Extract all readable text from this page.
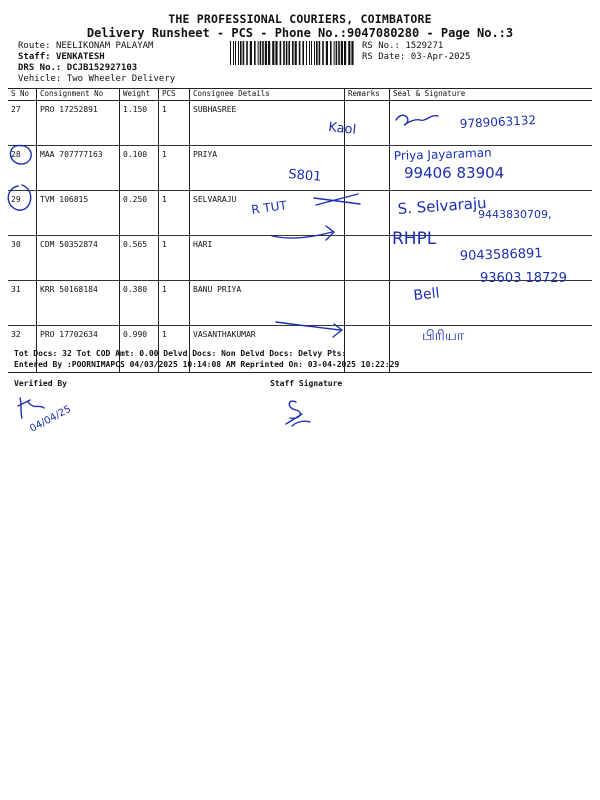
THE PROFESSIONAL COURIERS, COIMBATORE
Delivery Runsheet - PCS - Phone No.:9047080280 - Page No.:3
Route: NEELIKONAM PALAYAM
Staff: VENKATESH
DRS No.: DCJB152927103
Vehicle: Two Wheeler Delivery
RS No.: 1529271
RS Date: 03-Apr-2025
S No	Consignment No	Weight	PCS	Consignee Details	Remarks	Seal & Signature
27	PRO 17252891	1.150	1	SUBHASREE		
28	MAA 707777163	0.100	1	PRIYA		
29	TVM 106815	0.250	1	SELVARAJU		
30	CDM 50352874	0.565	1	HARI		
31	KRR 50168184	0.380	1	BANU PRIYA		
32	PRO 17702634	0.990	1	VASANTHAKUMAR		
Tot Docs: 32 Tot COD Amt: 0.00 Delvd Docs: Non Delvd Docs: Delvy Pts:
Entered By :POORNIMAPCS 04/03/2025 10:14:08 AM Reprinted On: 03-04-2025 10:22:29
Verified By	Staff Signature
Kaol	9789063132
Priya Jayaraman
99406 83904
S801
R TUT	S. Selvaraju
9443830709,
RHPL
9043586891
93603 18729
Bell
பிரியா
04/04/25
